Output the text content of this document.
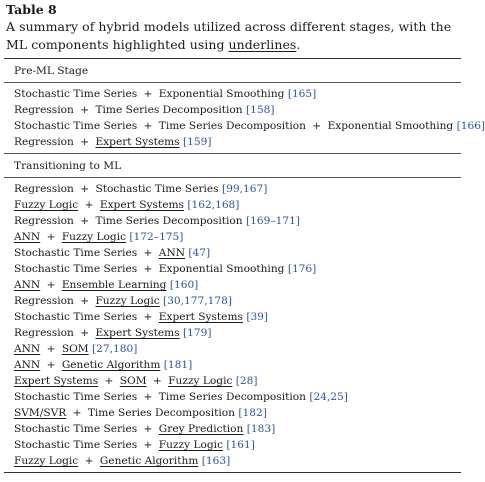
Table 8
A summary of hybrid models utilized across different stages, with the ML components highlighted using underlines.
Pre-ML Stage
Stochastic Time Series + Exponential Smoothing [165]
Regression + Time Series Decomposition [158]
Stochastic Time Series + Time Series Decomposition + Exponential Smoothing [166]
Regression + Expert Systems [159]
Transitioning to ML
Regression + Stochastic Time Series [99,167]
Fuzzy Logic + Expert Systems [162,168]
Regression + Time Series Decomposition [169–171]
ANN + Fuzzy Logic [172–175]
Stochastic Time Series + ANN [47]
Stochastic Time Series + Exponential Smoothing [176]
ANN + Ensemble Learning [160]
Regression + Fuzzy Logic [30,177,178]
Stochastic Time Series + Expert Systems [39]
Regression + Expert Systems [179]
ANN + SOM [27,180]
ANN + Genetic Algorithm [181]
Expert Systems + SOM + Fuzzy Logic [28]
Stochastic Time Series + Time Series Decomposition [24,25]
SVM/SVR + Time Series Decomposition [182]
Stochastic Time Series + Grey Prediction [183]
Stochastic Time Series + Fuzzy Logic [161]
Fuzzy Logic + Genetic Algorithm [163]
